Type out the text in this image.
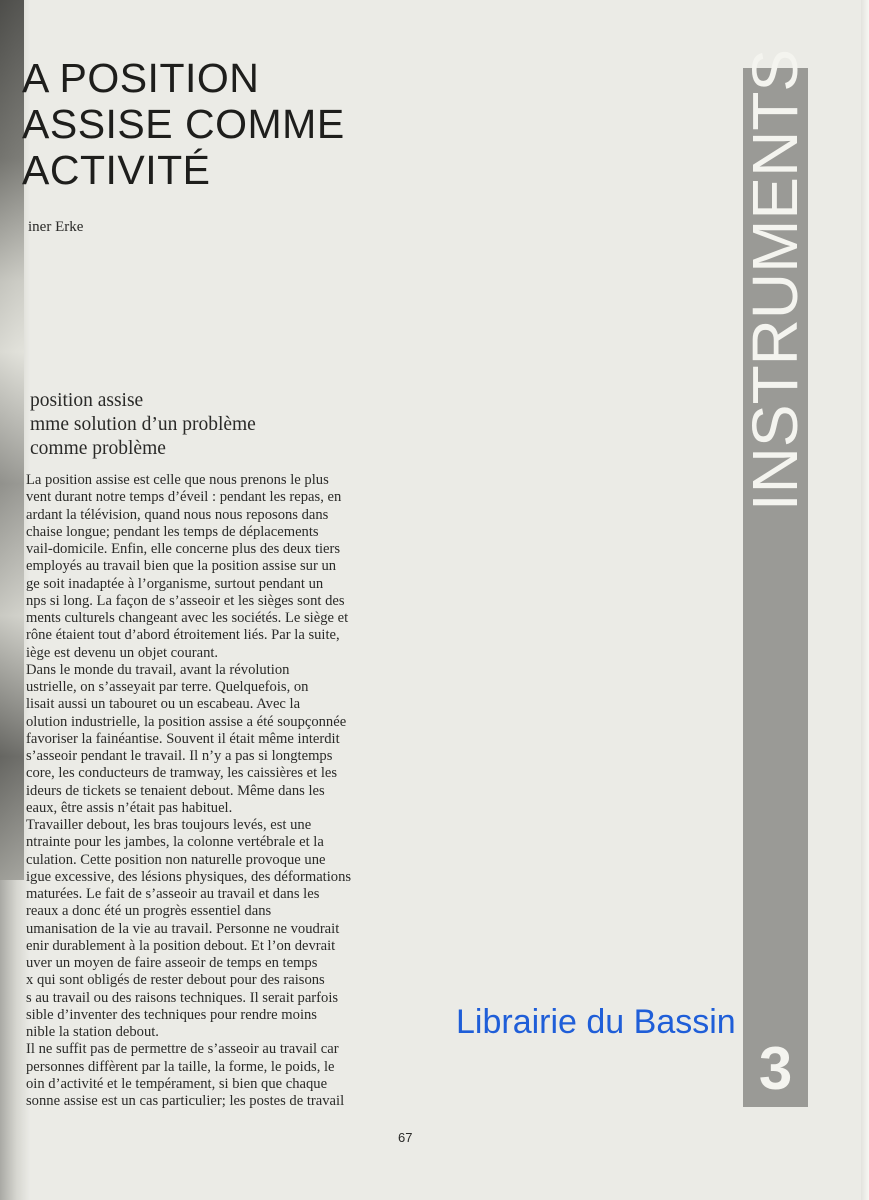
A POSITION
ASSISE COMME
ACTIVITÉ
iner Erke
position assise
mme solution d’un problème
comme problème
La position assise est celle que nous prenons le plus
vent durant notre temps d’éveil : pendant les repas, en
ardant la télévision, quand nous nous reposons dans
chaise longue; pendant les temps de déplacements
vail-domicile. Enfin, elle concerne plus des deux tiers
employés au travail bien que la position assise sur un
ge soit inadaptée à l’organisme, surtout pendant un
nps si long. La façon de s’asseoir et les sièges sont des
ments culturels changeant avec les sociétés. Le siège et
rône étaient tout d’abord étroitement liés. Par la suite,
iège est devenu un objet courant.
Dans le monde du travail, avant la révolution
ustrielle, on s’asseyait par terre. Quelquefois, on
lisait aussi un tabouret ou un escabeau. Avec la
olution industrielle, la position assise a été soupçonnée
favoriser la fainéantise. Souvent il était même interdit
s’asseoir pendant le travail. Il n’y a pas si longtemps
core, les conducteurs de tramway, les caissières et les
ideurs de tickets se tenaient debout. Même dans les
eaux, être assis n’était pas habituel.
Travailler debout, les bras toujours levés, est une
ntrainte pour les jambes, la colonne vertébrale et la
culation. Cette position non naturelle provoque une
igue excessive, des lésions physiques, des déformations
maturées. Le fait de s’asseoir au travail et dans les
reaux a donc été un progrès essentiel dans
umanisation de la vie au travail. Personne ne voudrait
enir durablement à la position debout. Et l’on devrait
uver un moyen de faire asseoir de temps en temps
x qui sont obligés de rester debout pour des raisons
s au travail ou des raisons techniques. Il serait parfois
sible d’inventer des techniques pour rendre moins
nible la station debout.
Il ne suffit pas de permettre de s’asseoir au travail car
personnes diffèrent par la taille, la forme, le poids, le
oin d’activité et le tempérament, si bien que chaque
sonne assise est un cas particulier; les postes de travail
INSTRUMENTS
3
Librairie du Bassin
67
